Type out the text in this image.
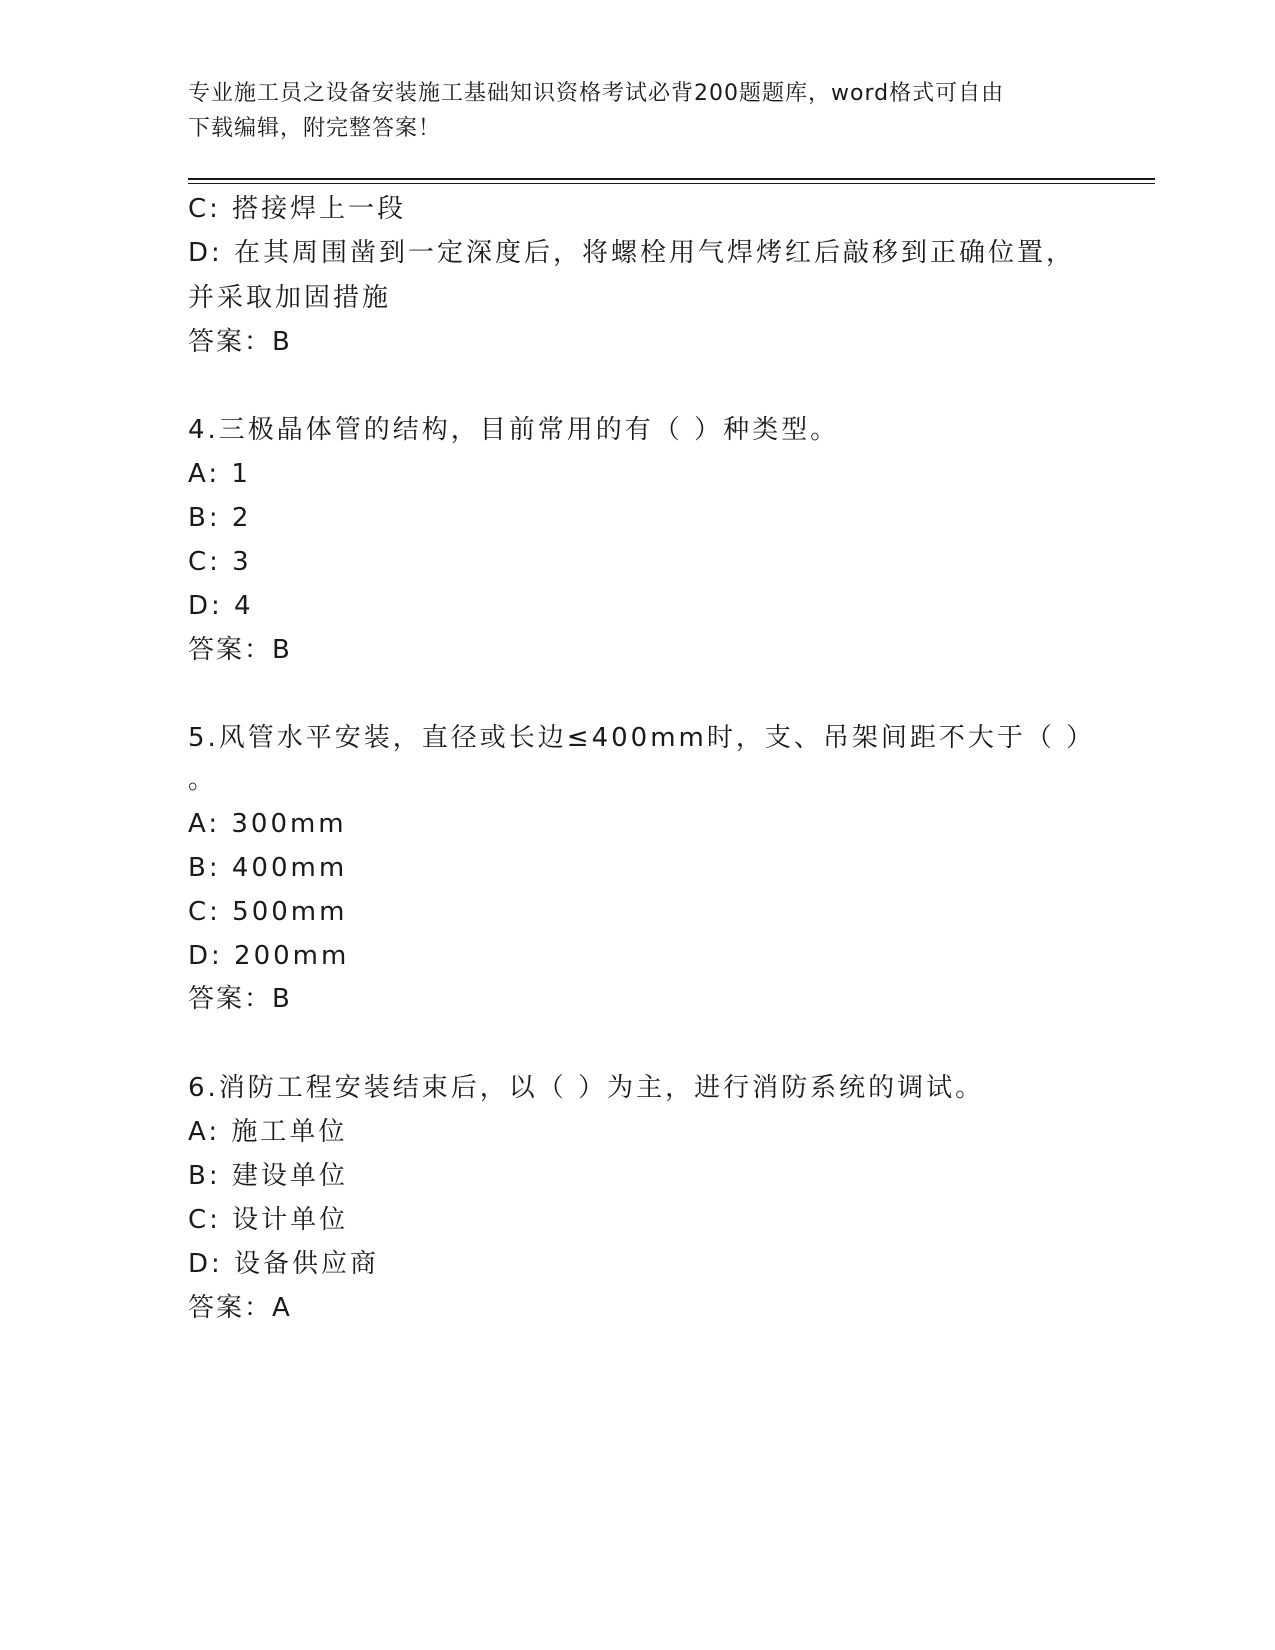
专业施工员之设备安装施工基础知识资格考试必背200题题库，word格式可自由
下载编辑，附完整答案！
C: 搭接焊上一段
D: 在其周围凿到一定深度后，将螺栓用气焊烤红后敲移到正确位置，
并采取加固措施
答案：B
4.三极晶体管的结构，目前常用的有（ ）种类型。
A: 1
B: 2
C: 3
D: 4
答案：B
5.风管水平安装，直径或长边≤400mm时，支、吊架间距不大于（ ）
。
A: 300mm
B: 400mm
C: 500mm
D: 200mm
答案：B
6.消防工程安装结束后，以（ ）为主，进行消防系统的调试。
A: 施工单位
B: 建设单位
C: 设计单位
D: 设备供应商
答案：A
